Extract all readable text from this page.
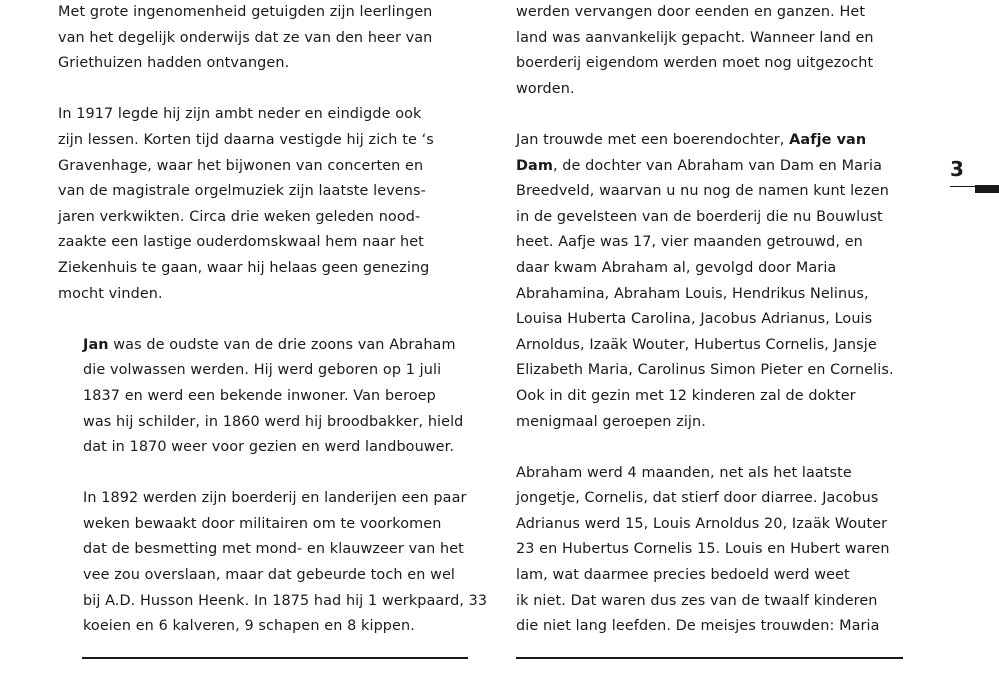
Met grote ingenomenheid getuigden zijn leerlingen
van het degelijk onderwijs dat ze van den heer van
Griethuizen hadden ontvangen.
In 1917 legde hij zijn ambt neder en eindigde ook
zijn lessen. Korten tijd daarna vestigde hij zich te ‘s
Gravenhage, waar het bijwonen van concerten en
van de magistrale orgelmuziek zijn laatste levens-
jaren verkwikten. Circa drie weken geleden nood-
zaakte een lastige ouderdomskwaal hem naar het
Ziekenhuis te gaan, waar hij helaas geen genezing
mocht vinden.
Jan was de oudste van de drie zoons van Abraham
die volwassen werden. Hij werd geboren op 1 juli
1837 en werd een bekende inwoner. Van beroep
was hij schilder, in 1860 werd hij broodbakker, hield
dat in 1870 weer voor gezien en werd landbouwer.
In 1892 werden zijn boerderij en landerijen een paar
weken bewaakt door militairen om te voorkomen
dat de besmetting met mond- en klauwzeer van het
vee zou overslaan, maar dat gebeurde toch en wel
bij A.D. Husson Heenk. In 1875 had hij 1 werkpaard, 33
koeien en 6 kalveren, 9 schapen en 8 kippen.
werden vervangen door eenden en ganzen. Het
land was aanvankelijk gepacht. Wanneer land en
boerderij eigendom werden moet nog uitgezocht
worden.
Jan trouwde met een boerendochter, Aafje van
Dam, de dochter van Abraham van Dam en Maria
Breedveld, waarvan u nu nog de namen kunt lezen
in de gevelsteen van de boerderij die nu Bouwlust
heet. Aafje was 17, vier maanden getrouwd, en
daar kwam Abraham al, gevolgd door Maria
Abrahamina, Abraham Louis, Hendrikus Nelinus,
Louisa Huberta Carolina, Jacobus Adrianus, Louis
Arnoldus, Izaäk Wouter, Hubertus Cornelis, Jansje
Elizabeth Maria, Carolinus Simon Pieter en Cornelis.
Ook in dit gezin met 12 kinderen zal de dokter
menigmaal geroepen zijn.
Abraham werd 4 maanden, net als het laatste
jongetje, Cornelis, dat stierf door diarree. Jacobus
Adrianus werd 15, Louis Arnoldus 20, Izaäk Wouter
23 en Hubertus Cornelis 15. Louis en Hubert waren
lam, wat daarmee precies bedoeld werd weet
ik niet. Dat waren dus zes van de twaalf kinderen
die niet lang leefden. De meisjes trouwden: Maria
3
